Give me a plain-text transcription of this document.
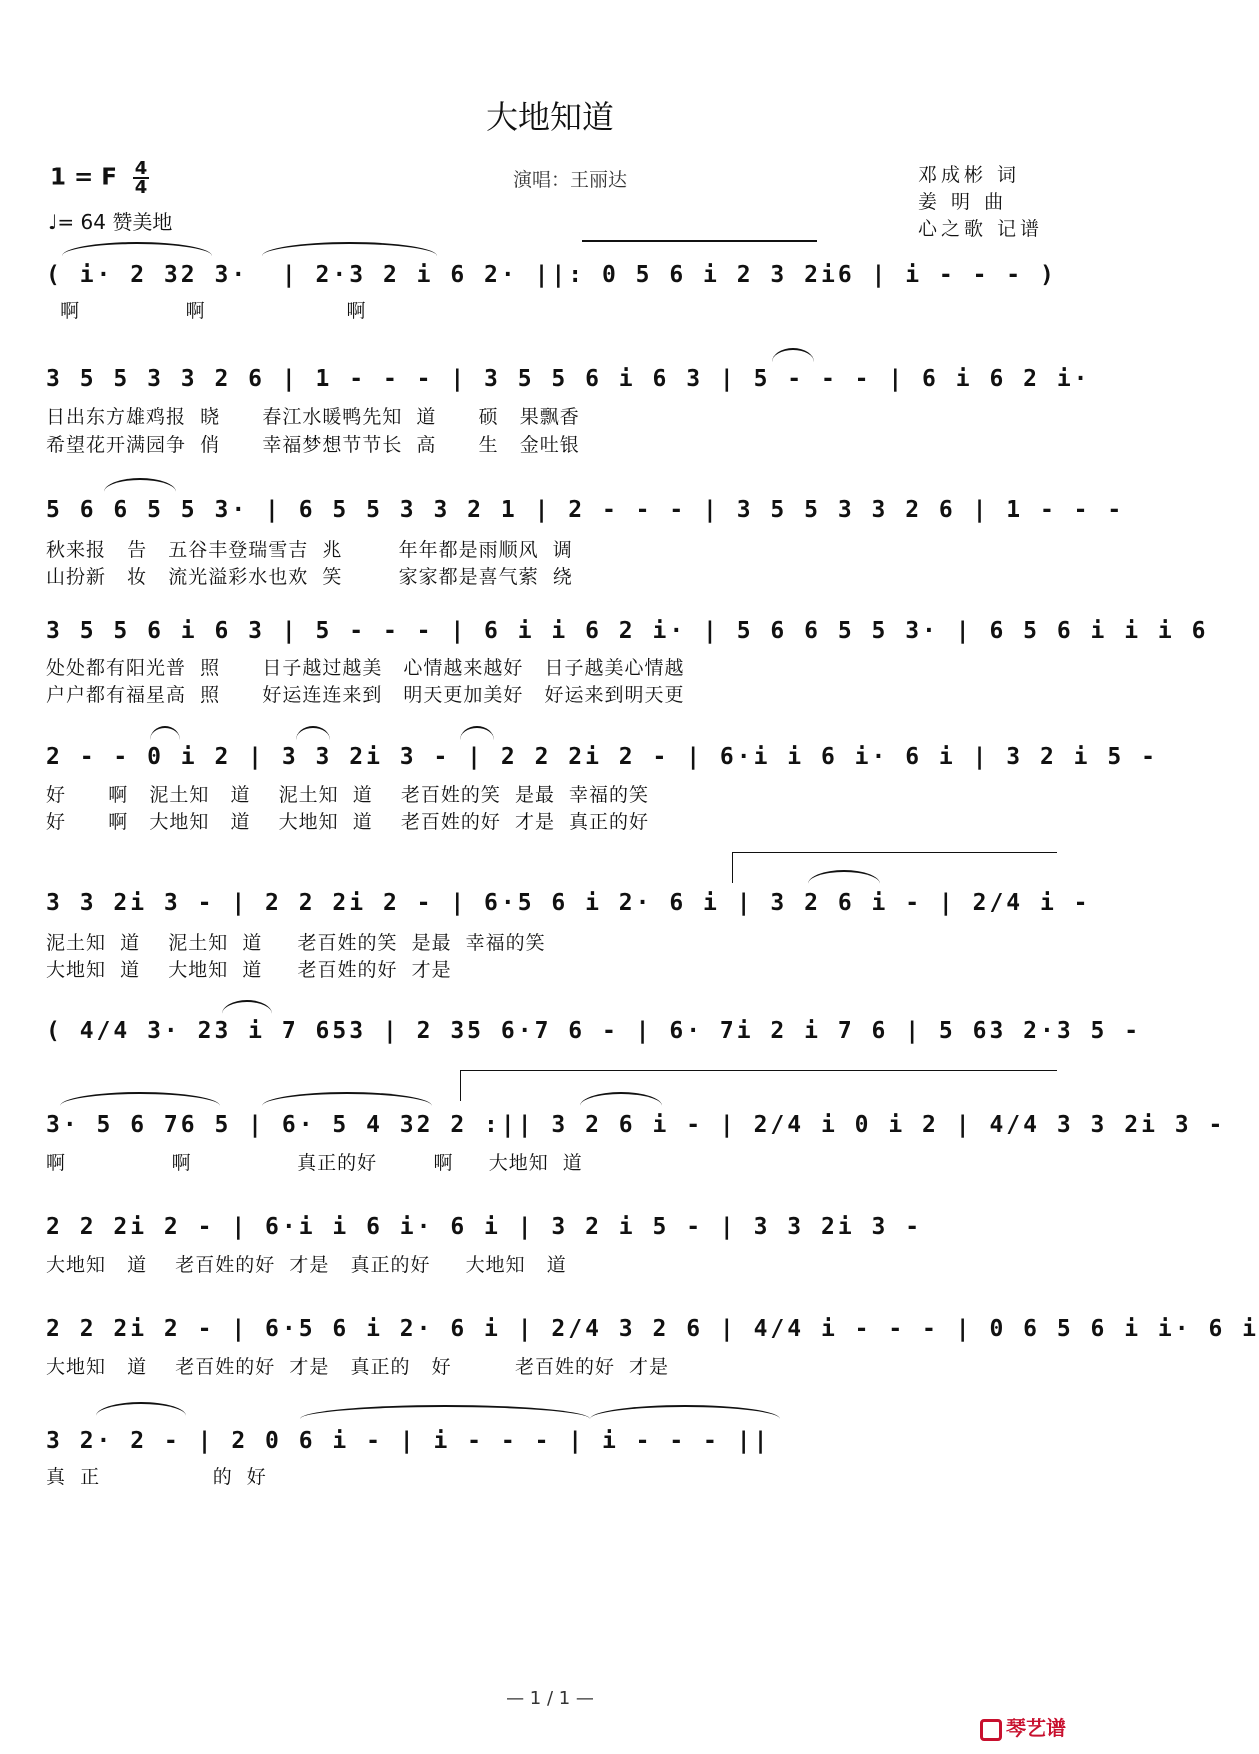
大地知道
1 = F $\frac{4}{4}$
♩= 64 赞美地
演唱：王丽达	邓成彬 词
姜 明 曲
心之歌 记谱
( i· 2 32 3·  | 2·3 2 i 6 2· ||: 0 5 6 i 2 3 2i6 | i - - - )
啊               啊                    啊
3 5 5 3 3 2 6 | 1 - - - | 3 5 5 6 i 6 3 | 5 - - - | 6 i 6 2 i·
日出东方雄鸡报  晓      春江水暖鸭先知  道      硕   果飘香
希望花开满园争  俏      幸福梦想节节长  高      生   金吐银
5 6 6 5 5 3· | 6 5 5 3 3 2 1 | 2 - - - | 3 5 5 3 3 2 6 | 1 - - -
秋来报   告   五谷丰登瑞雪吉  兆        年年都是雨顺风  调
山扮新   妆   流光溢彩水也欢  笑        家家都是喜气萦  绕
3 5 5 6 i 6 3 | 5 - - - | 6 i i 6 2 i· | 5 6 6 5 5 3· | 6 5 6 i i i 6
处处都有阳光普  照      日子越过越美   心情越来越好   日子越美心情越
户户都有福星高  照      好运连连来到   明天更加美好   好运来到明天更
2 - - 0 i 2 | 3 3 2i 3 - | 2 2 2i 2 - | 6·i i 6 i· 6 i | 3 2 i 5 -
好      啊   泥土知   道    泥土知  道    老百姓的笑  是最  幸福的笑
好      啊   大地知   道    大地知  道    老百姓的好  才是  真正的好
3 3 2i 3 - | 2 2 2i 2 - | 6·5 6 i 2· 6 i | 3 2 6 i - | 2/4 i -
泥土知  道    泥土知  道     老百姓的笑  是最  幸福的笑
大地知  道    大地知  道     老百姓的好  才是
( 4/4 3· 23 i 7 653 | 2 35 6·7 6 - | 6· 7i 2 i 7 6 | 5 63 2·3 5 -
3· 5 6 76 5 | 6· 5 4 32 2 :|| 3 2 6 i - | 2/4 i 0 i 2 | 4/4 3 3 2i 3 -
啊               啊               真正的好        啊     大地知  道
2 2 2i 2 - | 6·i i 6 i· 6 i | 3 2 i 5 - | 3 3 2i 3 -
大地知   道    老百姓的好  才是   真正的好     大地知   道
2 2 2i 2 - | 6·5 6 i 2· 6 i | 2/4 3 2 6 | 4/4 i - - - | 0 6 5 6 i i· 6 i
大地知   道    老百姓的好  才是   真正的   好         老百姓的好  才是
3 2· 2 - | 2 0 6 i - | i - - - | i - - - ||
真  正                的  好
— 1 / 1 —
琴艺谱
